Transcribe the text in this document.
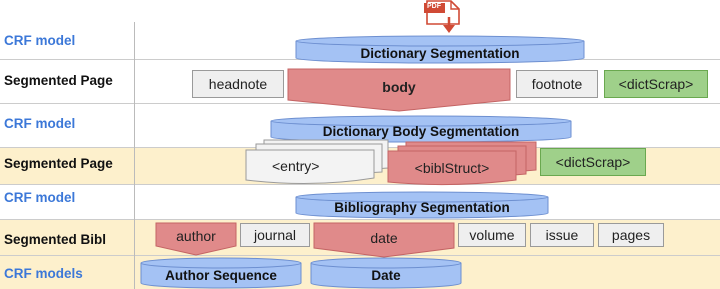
PDF
CRF model
Segmented Page
CRF model
Segmented Page
CRF model
Segmented Bibl
CRF models
Dictionary Segmentation
Dictionary Body Segmentation
Bibliography Segmentation
Author Sequence	Date
headnote	body	footnote	<dictScrap>
<entry>	<biblStruct>	<dictScrap>
author	journal	date	volume	issue	pages
